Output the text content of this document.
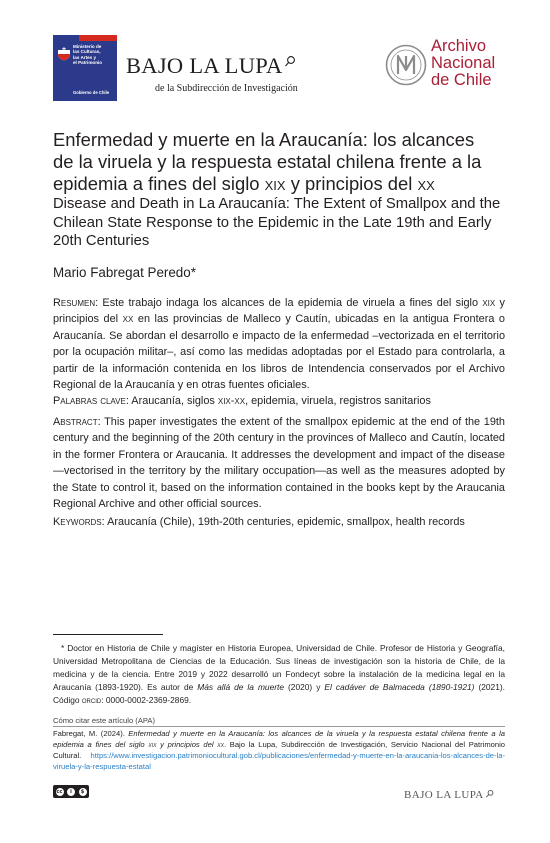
Ministerio de
las Culturas,
las Artes y
el Patrimonio
Gobierno de Chile
BAJO LA LUPA
de la Subdirección de Investigación
Archivo
Nacional
de Chile
Enfermedad y muerte en la Araucanía: los alcances de la viruela y la respuesta estatal chilena frente a la epidemia a fines del siglo xix y principios del xx
Disease and Death in La Araucanía: The Extent of Smallpox and the Chilean State Response to the Epidemic in the Late 19th and Early 20th Centuries
Mario Fabregat Peredo*
Resumen: Este trabajo indaga los alcances de la epidemia de viruela a fines del siglo xix y principios del xx en las provincias de Malleco y Cautín, ubicadas en la antigua Frontera o Araucanía. Se abordan el desarrollo e impacto de la enfermedad –vectorizada en el territorio por la ocupación militar–, así como las medidas adoptadas por el Estado para controlarla, a partir de la información contenida en los libros de Intendencia conservados por el Archivo Regional de la Araucanía y en otras fuentes oficiales.
Palabras clave: Araucanía, siglos xix-xx, epidemia, viruela, registros sanitarios
Abstract: This paper investigates the extent of the smallpox epidemic at the end of the 19th century and the beginning of the 20th century in the provinces of Malleco and Cautín, located in the former Frontera or Araucania. It addresses the development and impact of the disease—vectorised in the territory by the military occupation—as well as the measures adopted by the State to control it, based on the information contained in the books kept by the Araucania Regional Archive and other official sources.
Keywords: Araucanía (Chile), 19th-20th centuries, epidemic, smallpox, health records
* Doctor en Historia de Chile y magíster en Historia Europea, Universidad de Chile. Profesor de Historia y Geografía, Universidad Metropolitana de Ciencias de la Educación. Sus líneas de investigación son la historia de Chile, de la medicina y de la ciencia. Entre 2019 y 2022 desarrolló un Fondecyt sobre la instalación de la medicina legal en la Araucanía (1893-1920). Es autor de Más allá de la muerte (2020) y El cadáver de Balmaceda (1890-1921) (2021). Código orcid: 0000-0002-2369-2869.
Cómo citar este artículo (APA)
Fabregat, M. (2024). Enfermedad y muerte en la Araucanía: los alcances de la viruela y la respuesta estatal chilena frente a la epidemia a fines del siglo xix y principios del xx. Bajo la Lupa, Subdirección de Investigación, Servicio Nacional del Patrimonio Cultural. https://www.investigacion.patrimoniocultural.gob.cl/publicaciones/enfermedad-y-muerte-en-la-araucania-los-alcances-de-la-viruela-y-la-respuesta-estatal
cc	i	$	BAJO LA LUPA
